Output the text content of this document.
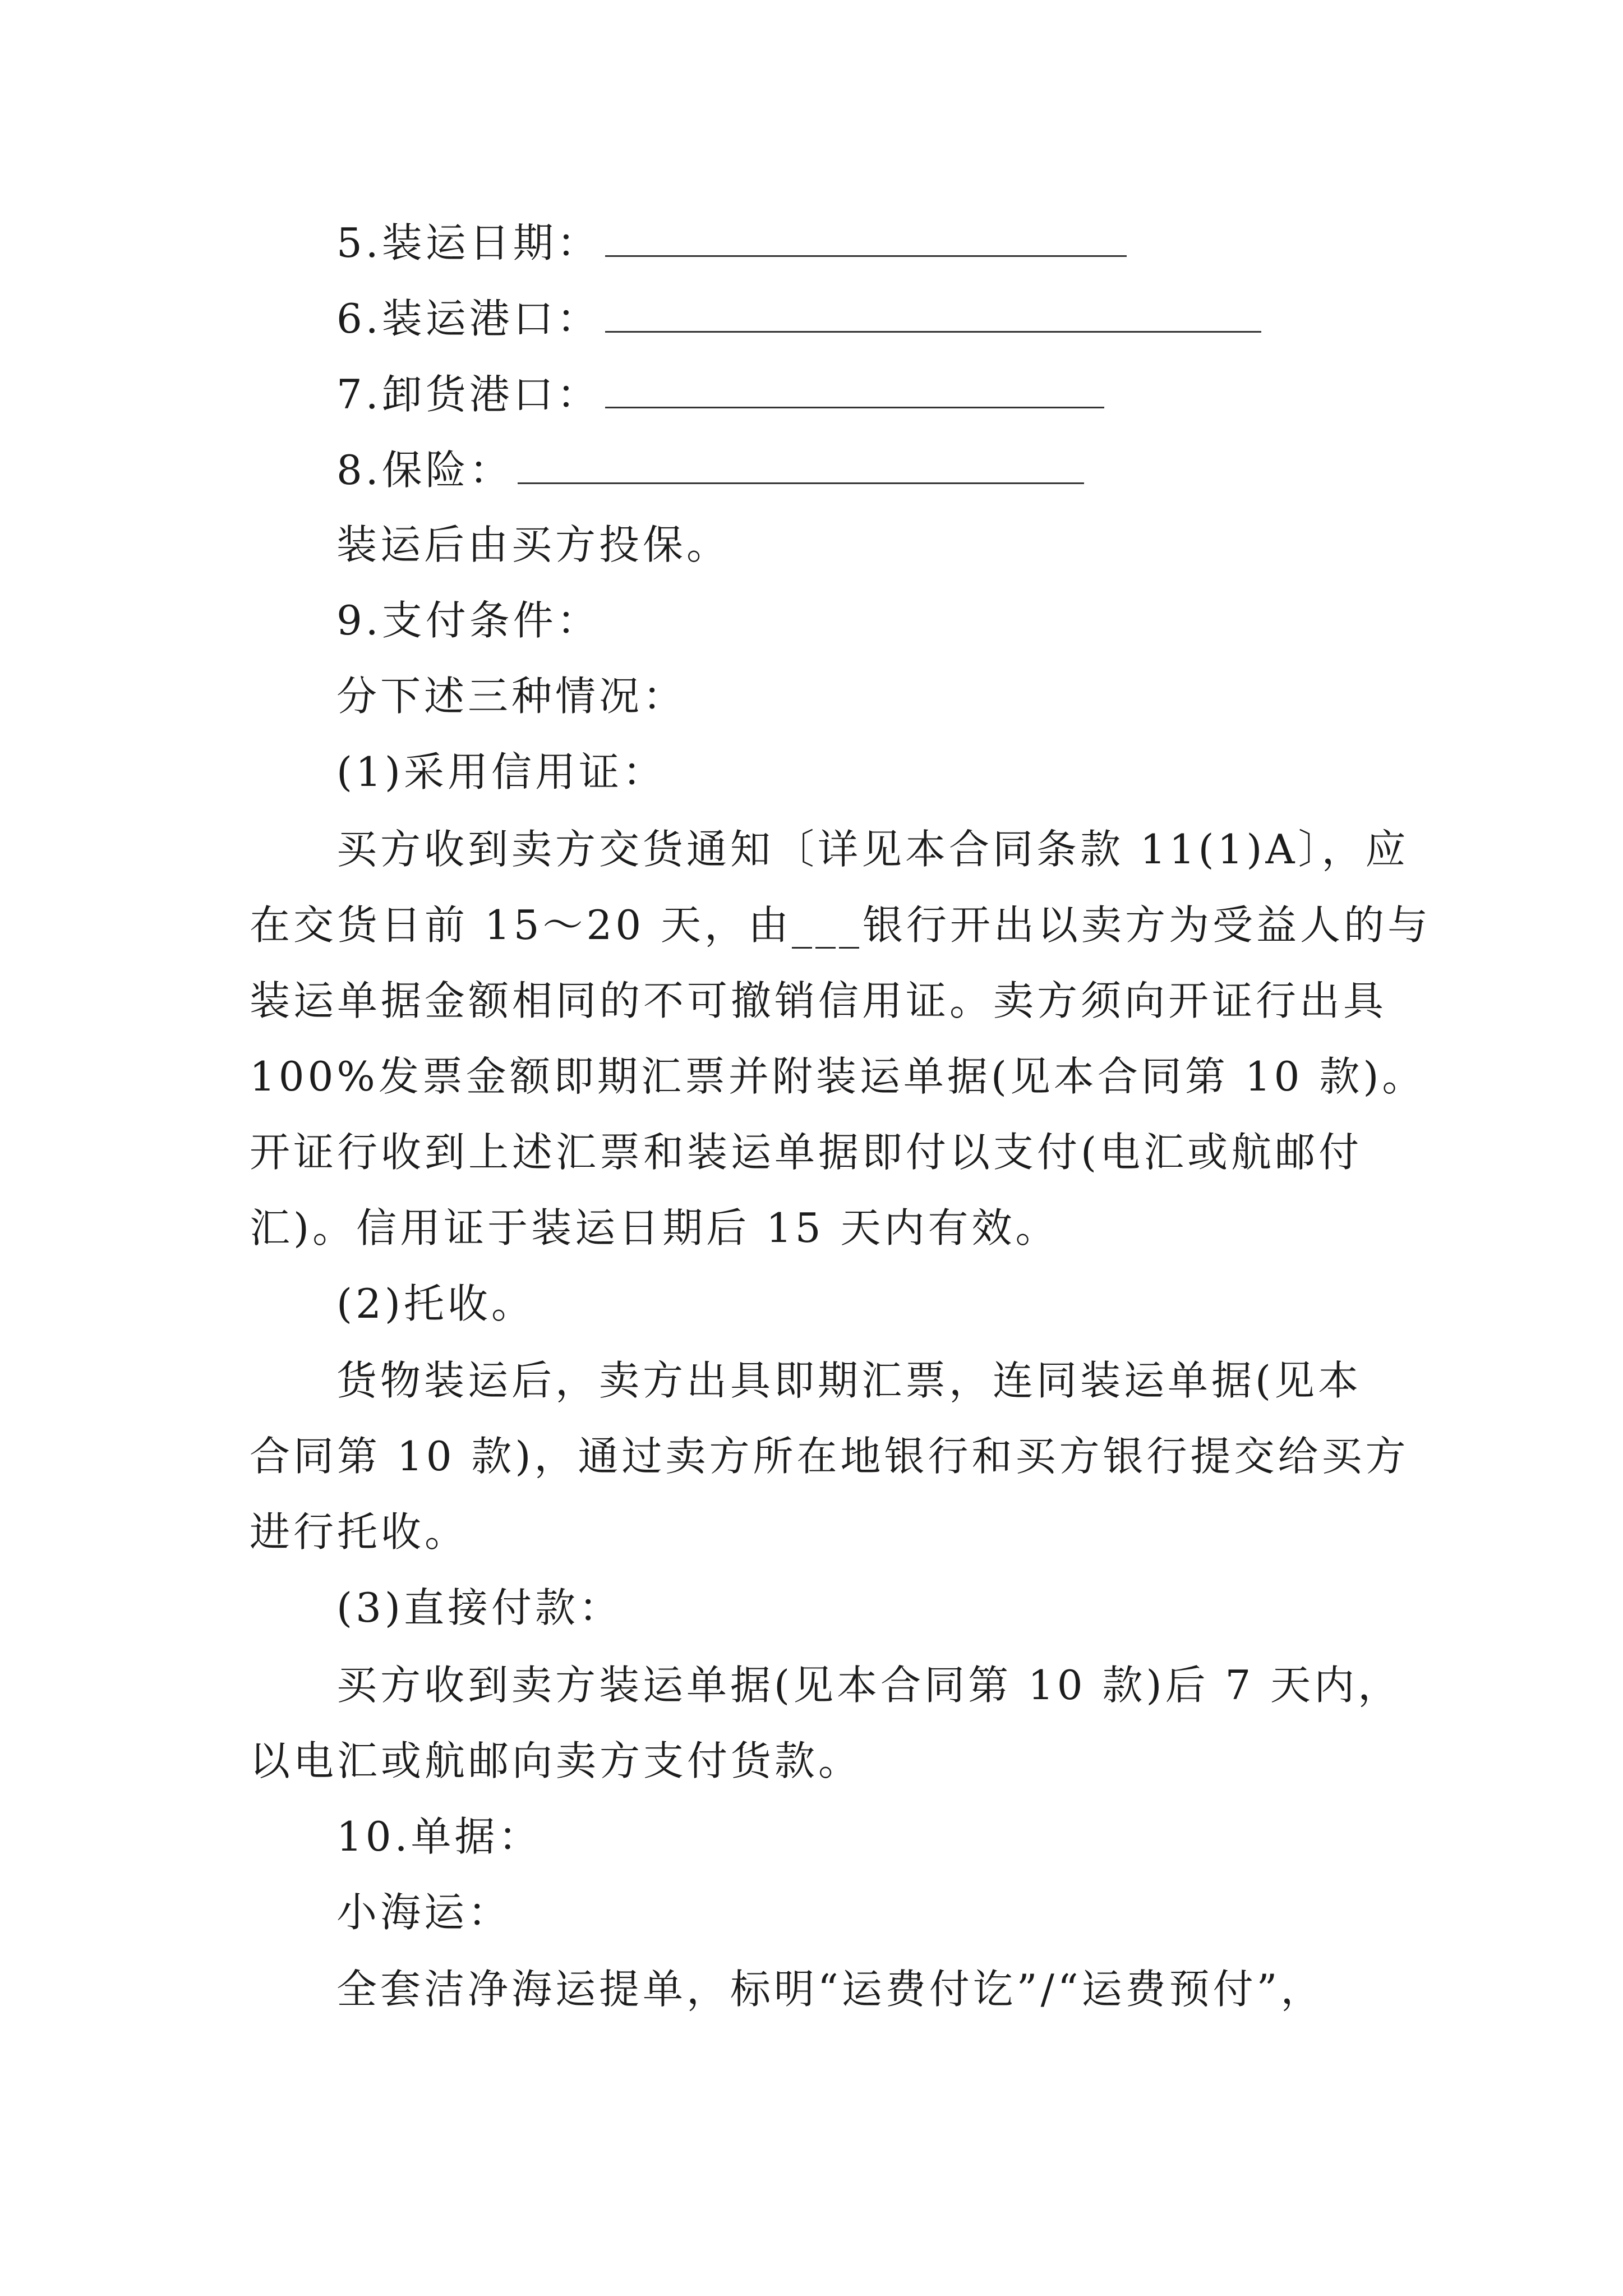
5.装运日期：
6.装运港口：
7.卸货港口：
8.保险：
装运后由买方投保。
9.支付条件：
分下述三种情况：
(1)采用信用证：
买方收到卖方交货通知〔详见本合同条款 11(1)A〕，应
在交货日前 15～20 天，由___银行开出以卖方为受益人的与
装运单据金额相同的不可撤销信用证。卖方须向开证行出具
100%发票金额即期汇票并附装运单据(见本合同第 10 款)。
开证行收到上述汇票和装运单据即付以支付(电汇或航邮付
汇)。信用证于装运日期后 15 天内有效。
(2)托收。
货物装运后，卖方出具即期汇票，连同装运单据(见本
合同第 10 款)，通过卖方所在地银行和买方银行提交给买方
进行托收。
(3)直接付款：
买方收到卖方装运单据(见本合同第 10 款)后 7 天内，
以电汇或航邮向卖方支付货款。
10.单据：
小海运：
全套洁净海运提单，标明“运费付讫”/“运费预付”，
